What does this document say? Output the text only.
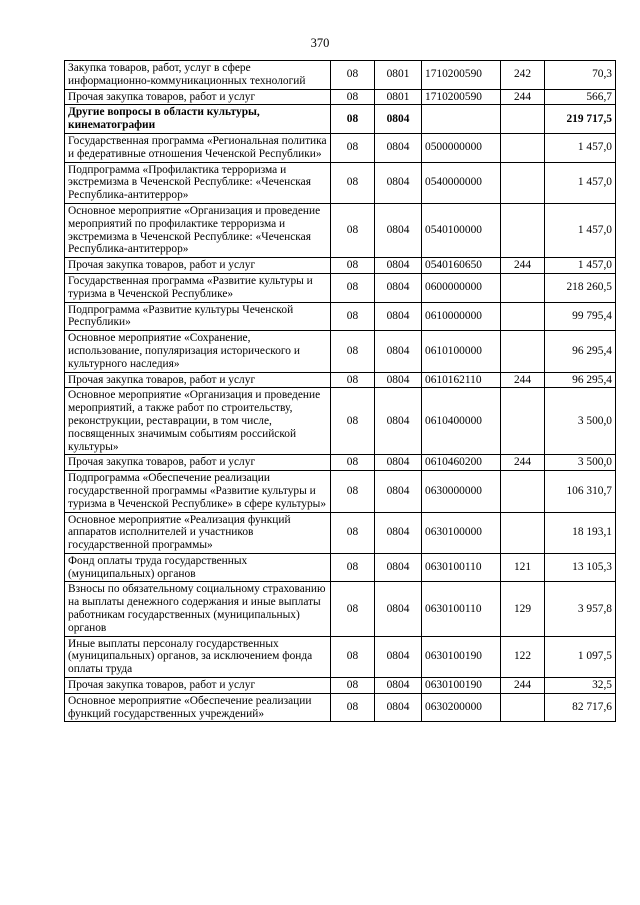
370
Закупка товаров, работ, услуг в сфере информационно-коммуникационных технологий	08	0801	1710200590	242	70,3
Прочая закупка товаров, работ и услуг	08	0801	1710200590	244	566,7
Другие вопросы в области культуры, кинематографии	08	0804			219 717,5
Государственная программа «Региональная политика и федеративные отношения Чеченской Республики»	08	0804	0500000000		1 457,0
Подпрограмма «Профилактика терроризма и экстремизма в Чеченской Республике: «Чеченская Республика-антитеррор»	08	0804	0540000000		1 457,0
Основное мероприятие «Организация и проведение мероприятий по профилактике терроризма и экстремизма в Чеченской Республике: «Чеченская Республика-антитеррор»	08	0804	0540100000		1 457,0
Прочая закупка товаров, работ и услуг	08	0804	0540160650	244	1 457,0
Государственная программа «Развитие культуры и туризма в Чеченской Республике»	08	0804	0600000000		218 260,5
Подпрограмма «Развитие культуры Чеченской Республики»	08	0804	0610000000		99 795,4
Основное мероприятие «Сохранение, использование, популяризация исторического и культурного наследия»	08	0804	0610100000		96 295,4
Прочая закупка товаров, работ и услуг	08	0804	0610162110	244	96 295,4
Основное мероприятие «Организация и проведение мероприятий, а также работ по строительству, реконструкции, реставрации, в том числе, посвященных значимым событиям российской культуры»	08	0804	0610400000		3 500,0
Прочая закупка товаров, работ и услуг	08	0804	0610460200	244	3 500,0
Подпрограмма «Обеспечение реализации государственной программы «Развитие культуры и туризма в Чеченской Республике» в сфере культуры»	08	0804	0630000000		106 310,7
Основное мероприятие «Реализация функций аппаратов исполнителей и участников государственной программы»	08	0804	0630100000		18 193,1
Фонд оплаты труда государственных (муниципальных) органов	08	0804	0630100110	121	13 105,3
Взносы по обязательному социальному страхованию на выплаты денежного содержания и иные выплаты работникам государственных (муниципальных) органов	08	0804	0630100110	129	3 957,8
Иные выплаты персоналу государственных (муниципальных) органов, за исключением фонда оплаты труда	08	0804	0630100190	122	1 097,5
Прочая закупка товаров, работ и услуг	08	0804	0630100190	244	32,5
Основное мероприятие «Обеспечение реализации функций государственных учреждений»	08	0804	0630200000		82 717,6
